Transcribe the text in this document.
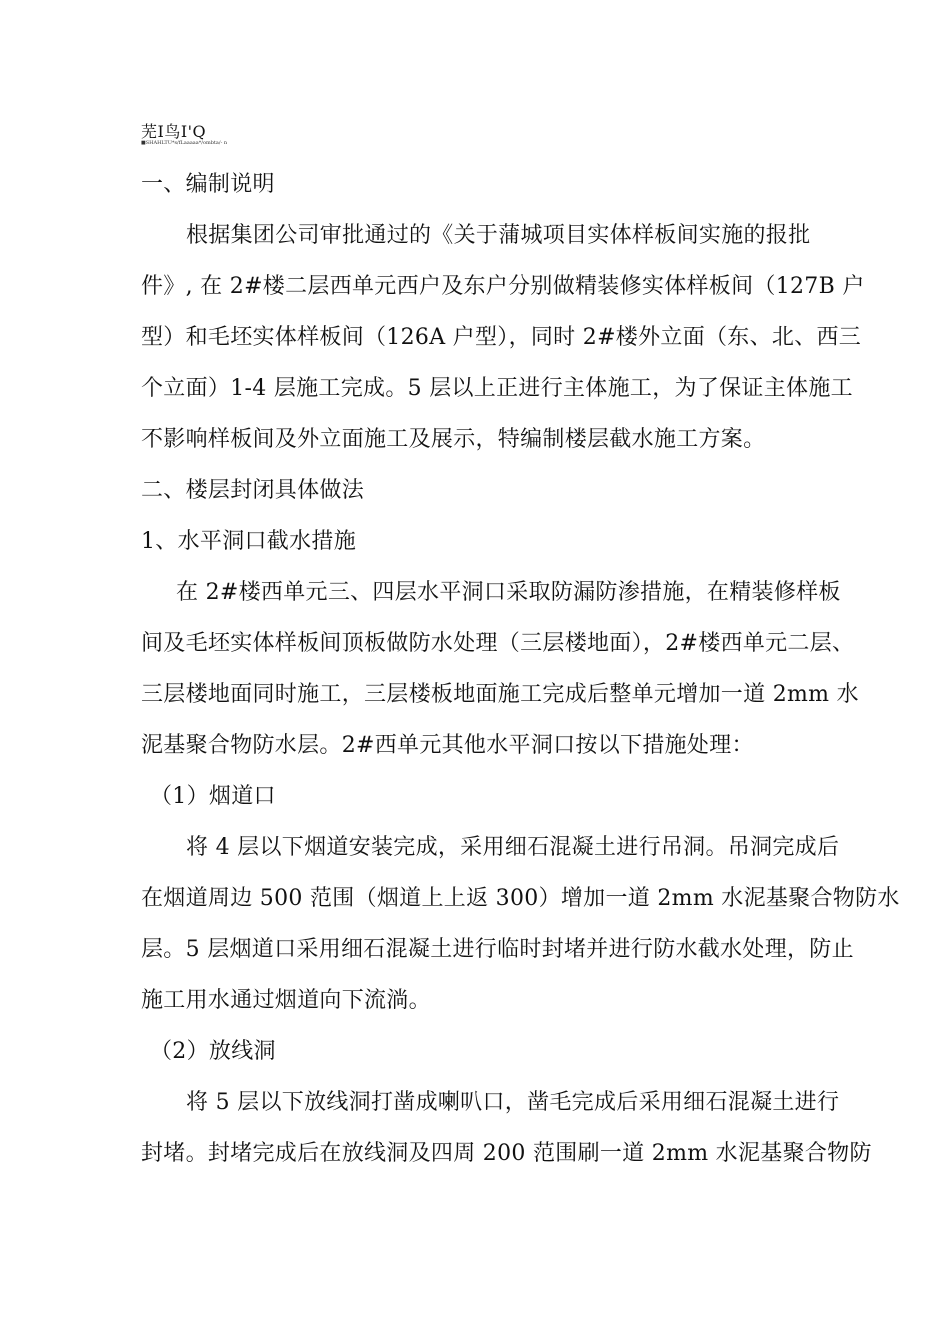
芜I鸟I'Q
■SHAHLTU*s/fLaaaaa*/ombta/- n
一、编制说明
根据集团公司审批通过的《关于蒲城项目实体样板间实施的报批
件》, 在 2#楼二层西单元西户及东户分别做精装修实体样板间（127B 户
型）和毛坯实体样板间（126A 户型），同时 2#楼外立面（东、北、西三
个立面）1-4 层施工完成。5 层以上正进行主体施工，为了保证主体施工
不影响样板间及外立面施工及展示，特编制楼层截水施工方案。
二、楼层封闭具体做法
1、水平洞口截水措施
在 2#楼西单元三、四层水平洞口采取防漏防渗措施，在精装修样板
间及毛坯实体样板间顶板做防水处理（三层楼地面），2#楼西单元二层、
三层楼地面同时施工，三层楼板地面施工完成后整单元增加一道 2mm 水
泥基聚合物防水层。2#西单元其他水平洞口按以下措施处理：
（1）烟道口
将 4 层以下烟道安装完成，采用细石混凝土进行吊洞。吊洞完成后
在烟道周边 500 范围（烟道上上返 300）增加一道 2mm 水泥基聚合物防水
层。5 层烟道口采用细石混凝土进行临时封堵并进行防水截水处理，防止
施工用水通过烟道向下流淌。
（2）放线洞
将 5 层以下放线洞打凿成喇叭口，凿毛完成后采用细石混凝土进行
封堵。封堵完成后在放线洞及四周 200 范围刷一道 2mm 水泥基聚合物防
